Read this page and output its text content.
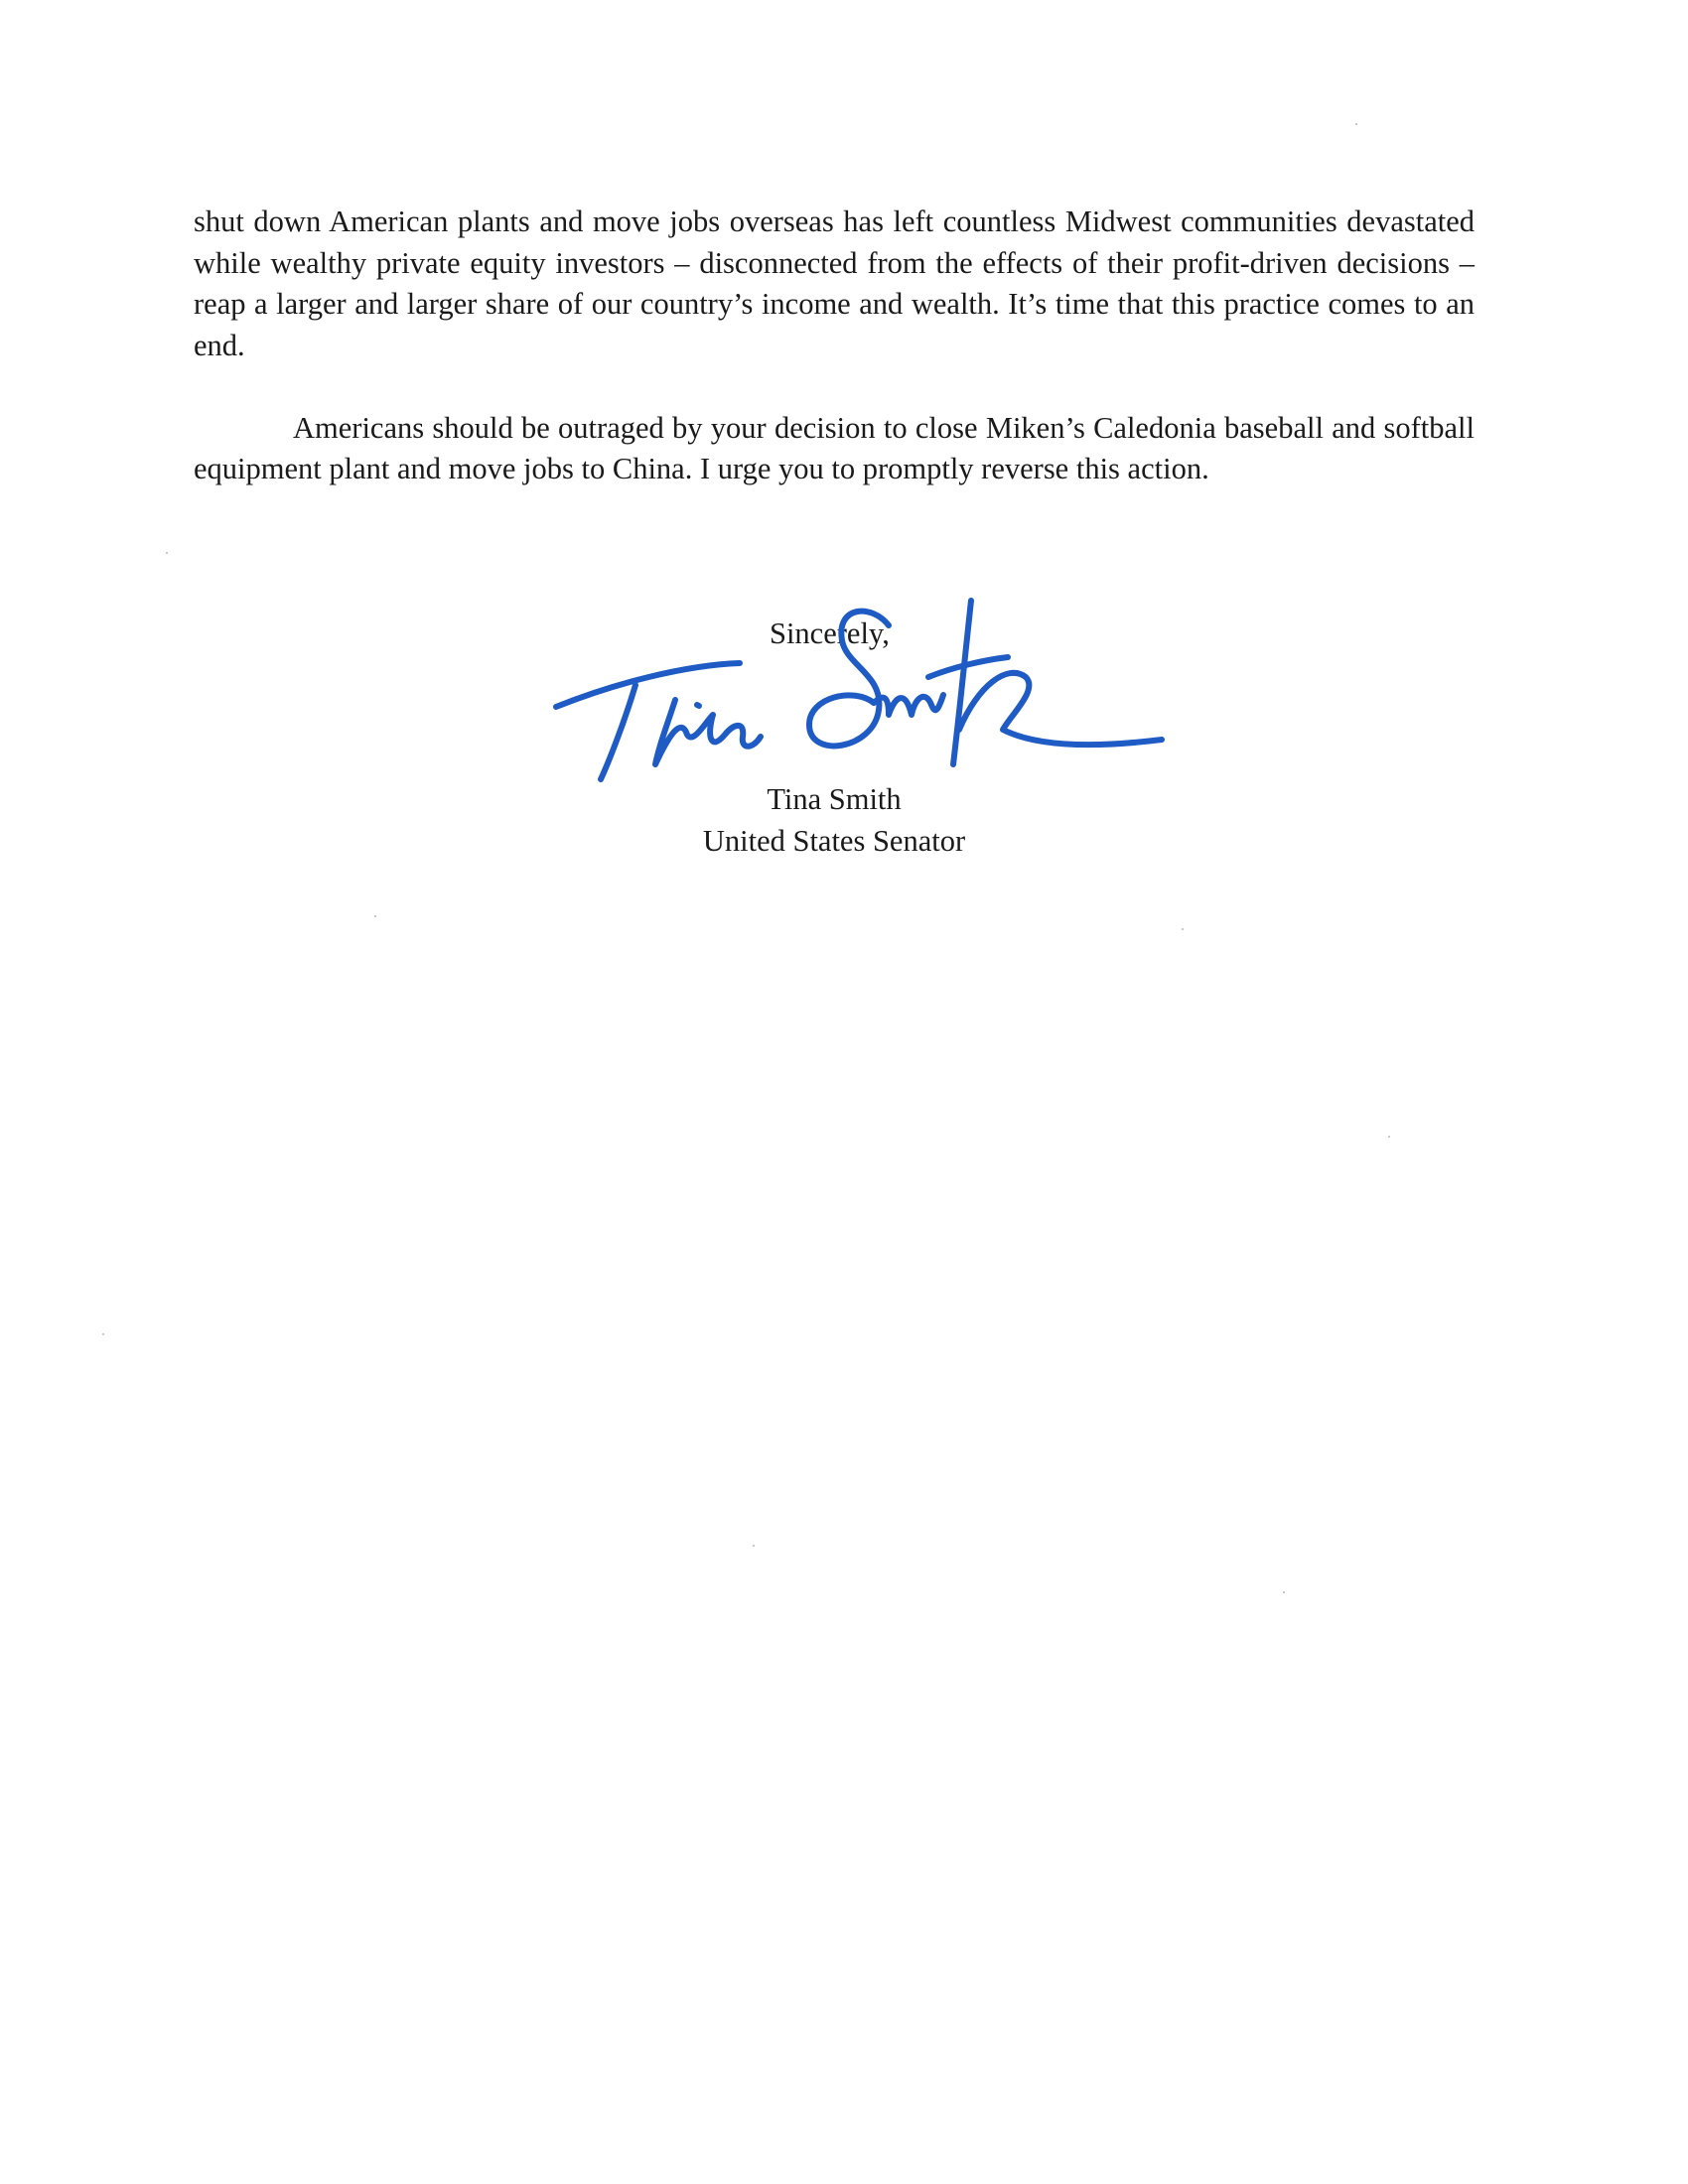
shut down American plants and move jobs overseas has left countless Midwest communities devastated while wealthy private equity investors – disconnected from the effects of their profit-driven decisions – reap a larger and larger share of our country’s income and wealth. It’s time that this practice comes to an end.

Americans should be outraged by your decision to close Miken’s Caledonia baseball and softball equipment plant and move jobs to China. I urge you to promptly reverse this action.

Sincerely,
Tina Smith
United States Senator
